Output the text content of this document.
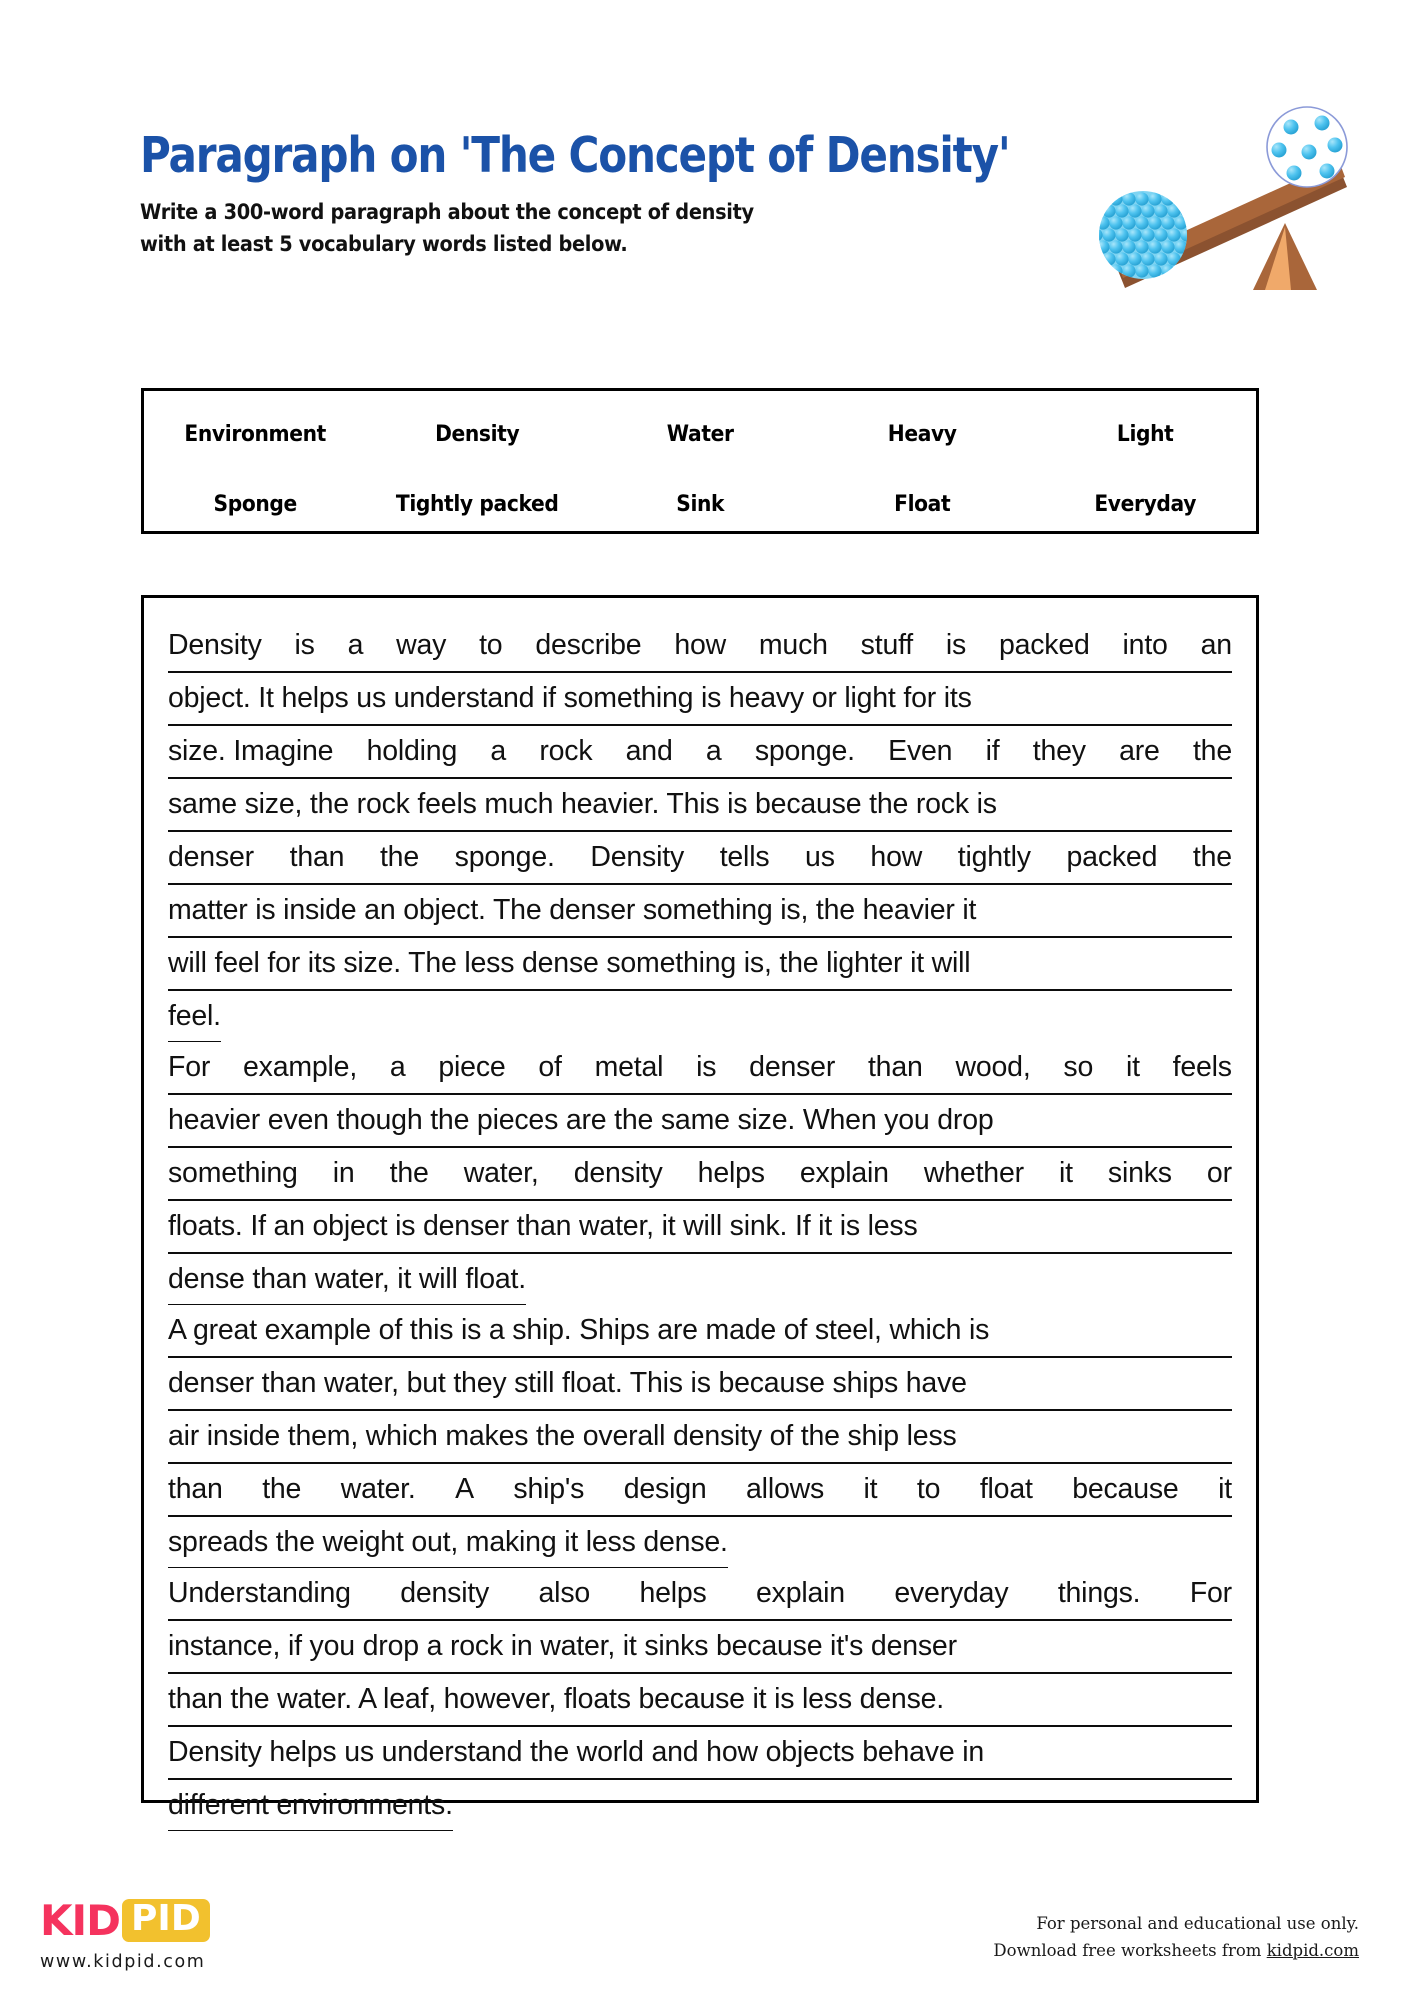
Paragraph on 'The Concept of Density'
Write a 300-word paragraph about the concept of density
with at least 5 vocabulary words listed below.
Environment	Density	Water	Heavy	Light
Sponge	Tightly packed	Sink	Float	Everyday
Density is a way to describe how much stuff is packed into an
object. It helps us understand if something is heavy or light for its
size. Imagine holding a rock and a sponge. Even if they are the
same size, the rock feels much heavier. This is because the rock is
denser than the sponge. Density tells us how tightly packed the
matter is inside an object. The denser something is, the heavier it
will feel for its size. The less dense something is, the lighter it will
feel.
For example, a piece of metal is denser than wood, so it feels
heavier even though the pieces are the same size. When you drop
something in the water, density helps explain whether it sinks or
floats. If an object is denser than water, it will sink. If it is less
dense than water, it will float.
A great example of this is a ship. Ships are made of steel, which is
denser than water, but they still float. This is because ships have
air inside them, which makes the overall density of the ship less
than the water. A ship's design allows it to float because it
spreads the weight out, making it less dense.
Understanding density also helps explain everyday things. For
instance, if you drop a rock in water, it sinks because it's denser
than the water. A leaf, however, floats because it is less dense.
Density helps us understand the world and how objects behave in
different environments.
KID PID
www.kidpid.com
For personal and educational use only.
Download free worksheets from kidpid.com
